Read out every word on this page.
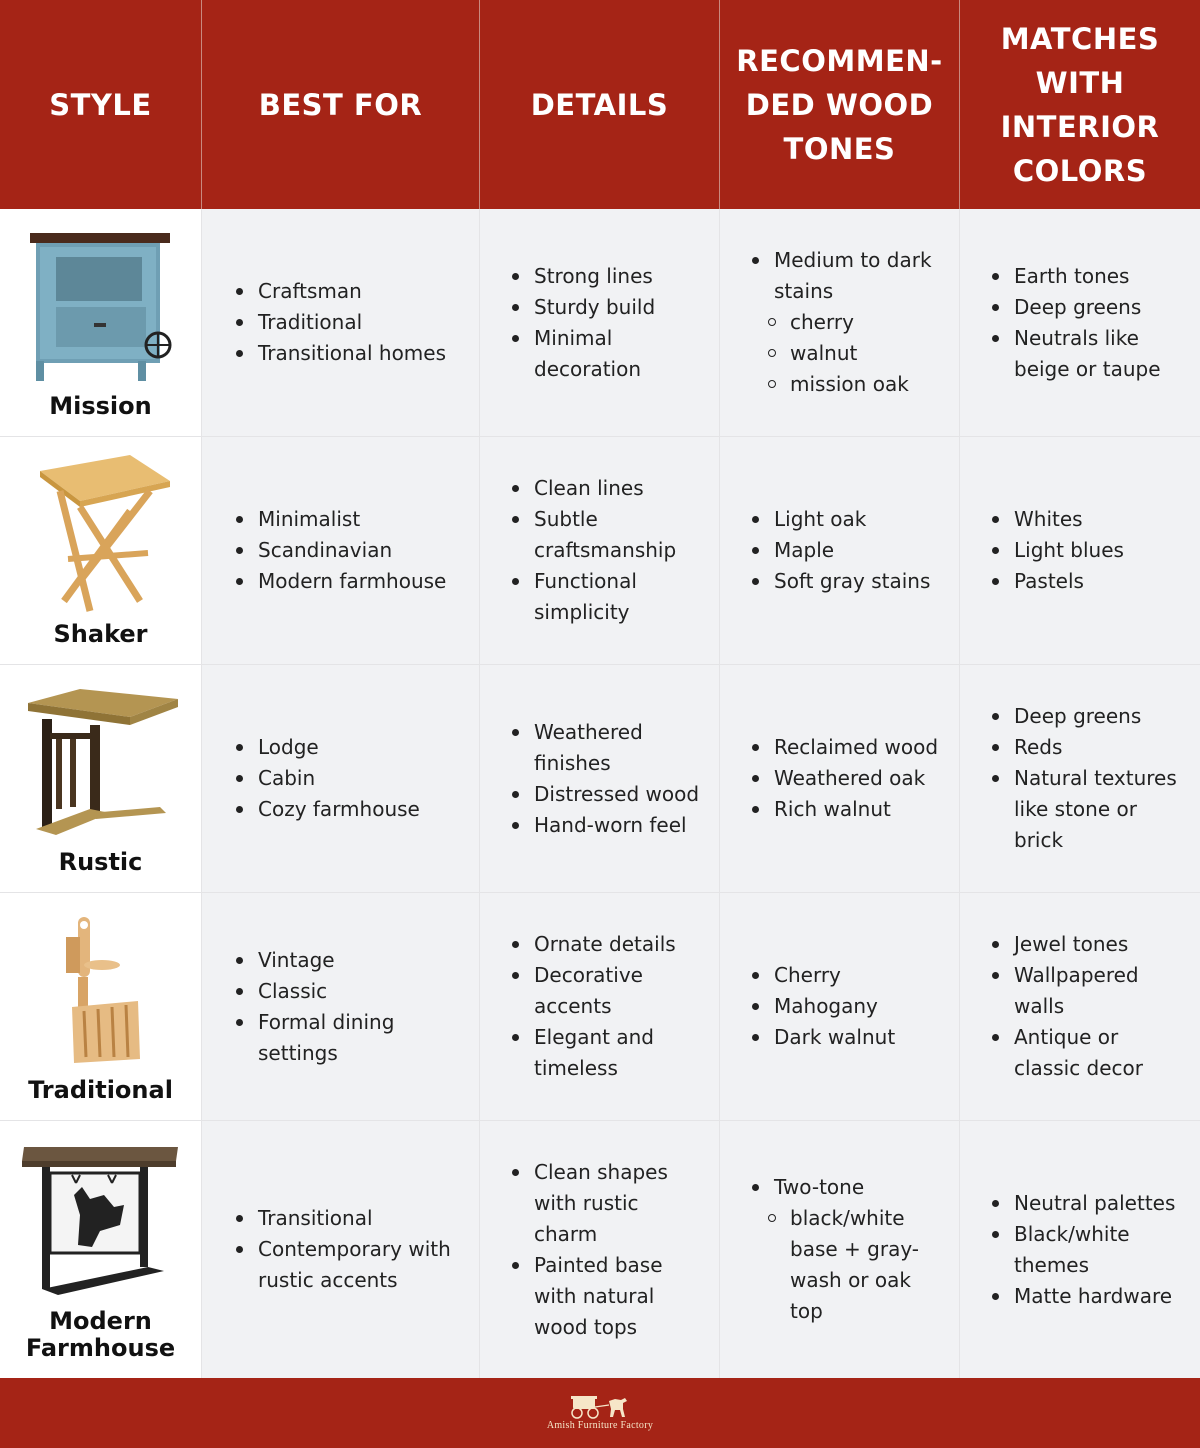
STYLE	BEST FOR	DETAILS
RECOMMEN-DED WOOD TONES
MATCHES WITH INTERIOR COLORS
Mission
Craftsman
Traditional
Transitional homes
Strong lines
Sturdy build
Minimal decoration
Medium to dark stains
cherry
walnut
mission oak
Earth tones
Deep greens
Neutrals like beige or taupe
Shaker
Minimalist
Scandinavian
Modern farmhouse
Clean lines
Subtle craftsmanship
Functional simplicity
Light oak
Maple
Soft gray stains
Whites
Light blues
Pastels
Rustic
Lodge
Cabin
Cozy farmhouse
Weathered finishes
Distressed wood
Hand-worn feel
Reclaimed wood
Weathered oak
Rich walnut
Deep greens
Reds
Natural textures like stone or brick
Traditional
Vintage
Classic
Formal dining settings
Ornate details
Decorative accents
Elegant and timeless
Cherry
Mahogany
Dark walnut
Jewel tones
Wallpapered walls
Antique or classic decor
Modern Farmhouse
Transitional
Contemporary with rustic accents
Clean shapes with rustic charm
Painted base with natural wood tops
Two-tone
black/white base + gray-wash or oak top
Neutral palettes
Black/white themes
Matte hardware
Amish Furniture Factory
